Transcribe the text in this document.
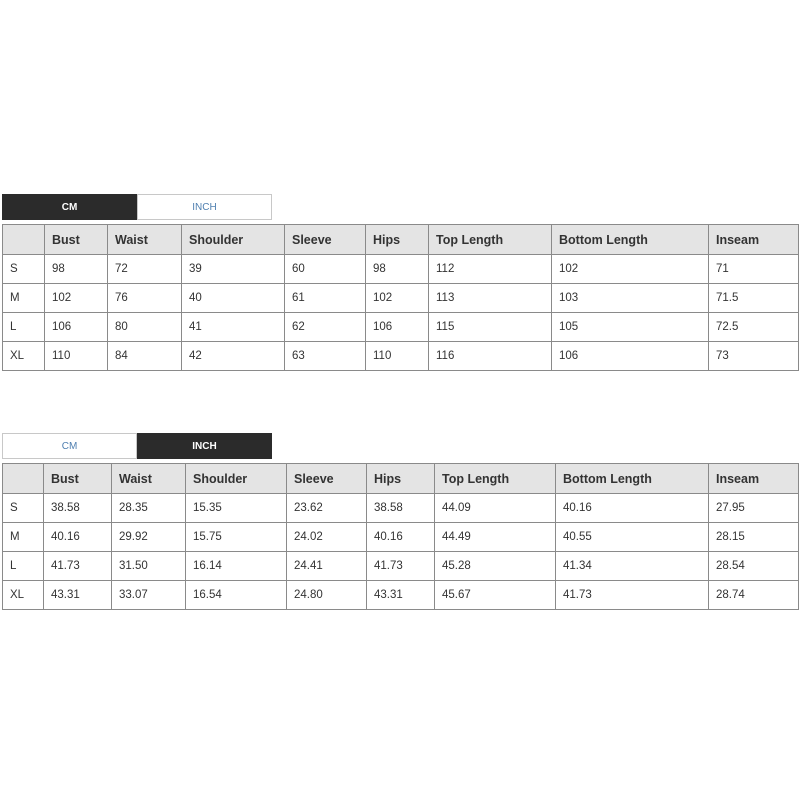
CM	INCH
	Bust	Waist	Shoulder	Sleeve	Hips	Top Length	Bottom Length	Inseam
S	98	72	39	60	98	112	102	71
M	102	76	40	61	102	113	103	71.5
L	106	80	41	62	106	115	105	72.5
XL	110	84	42	63	110	116	106	73
CM	INCH
	Bust	Waist	Shoulder	Sleeve	Hips	Top Length	Bottom Length	Inseam
S	38.58	28.35	15.35	23.62	38.58	44.09	40.16	27.95
M	40.16	29.92	15.75	24.02	40.16	44.49	40.55	28.15
L	41.73	31.50	16.14	24.41	41.73	45.28	41.34	28.54
XL	43.31	33.07	16.54	24.80	43.31	45.67	41.73	28.74
